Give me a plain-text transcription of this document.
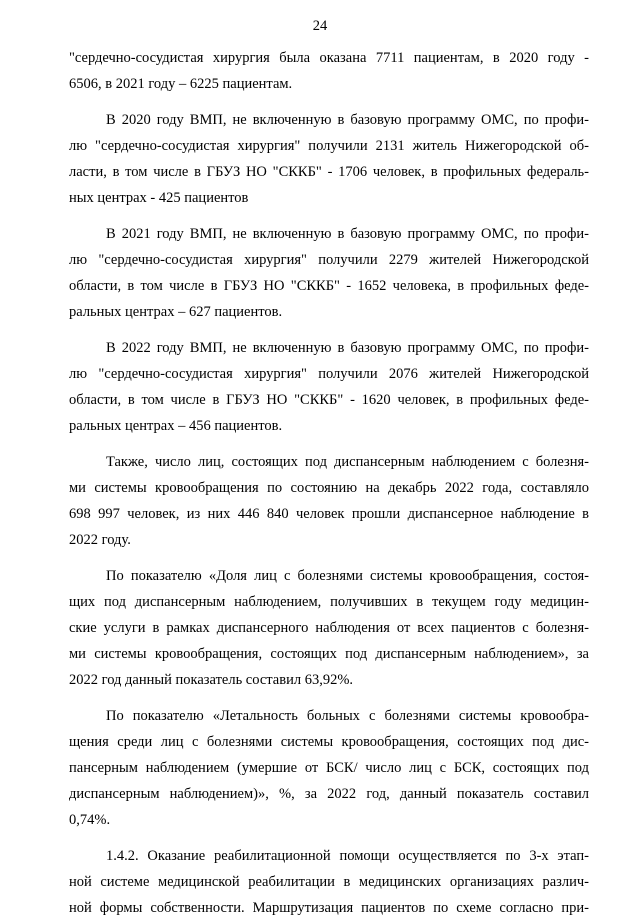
24

"сердечно-сосудистая хирургия была оказана 7711 пациентам, в 2020 году -
6506, в 2021 году – 6225 пациентам.

В 2020 году ВМП, не включенную в базовую программу ОМС, по профи-
лю "сердечно-сосудистая хирургия" получили 2131 житель Нижегородской об-
ласти, в том числе в ГБУЗ НО "СККБ" - 1706 человек, в профильных федераль-
ных центрах - 425 пациентов

В 2021 году ВМП, не включенную в базовую программу ОМС, по профи-
лю "сердечно-сосудистая хирургия" получили 2279 жителей Нижегородской
области, в том числе в ГБУЗ НО "СККБ" - 1652 человека, в профильных феде-
ральных центрах – 627 пациентов.

В 2022 году ВМП, не включенную в базовую программу ОМС, по профи-
лю "сердечно-сосудистая хирургия" получили 2076 жителей Нижегородской
области, в том числе в ГБУЗ НО "СККБ" - 1620 человек, в профильных феде-
ральных центрах – 456 пациентов.

Также, число лиц, состоящих под диспансерным наблюдением с болезня-
ми системы кровообращения по состоянию на декабрь 2022 года, составляло
698 997 человек, из них 446 840 человек прошли диспансерное наблюдение в
2022 году.

По показателю «Доля лиц с болезнями системы кровообращения, состоя-
щих под диспансерным наблюдением, получивших в текущем году медицин-
ские услуги в рамках диспансерного наблюдения от всех пациентов с болезня-
ми системы кровообращения, состоящих под диспансерным наблюдением», за
2022 год данный показатель составил 63,92%.

По показателю «Летальность больных с болезнями системы кровообра-
щения среди лиц с болезнями системы кровообращения, состоящих под дис-
пансерным наблюдением (умершие от БСК/ число лиц с БСК, состоящих под
диспансерным наблюдением)», %, за 2022 год, данный показатель составил
0,74%.

1.4.2. Оказание реабилитационной помощи осуществляется по 3-х этап-
ной системе медицинской реабилитации в медицинских организациях различ-
ной формы собственности. Маршрутизация пациентов по схеме согласно при-
